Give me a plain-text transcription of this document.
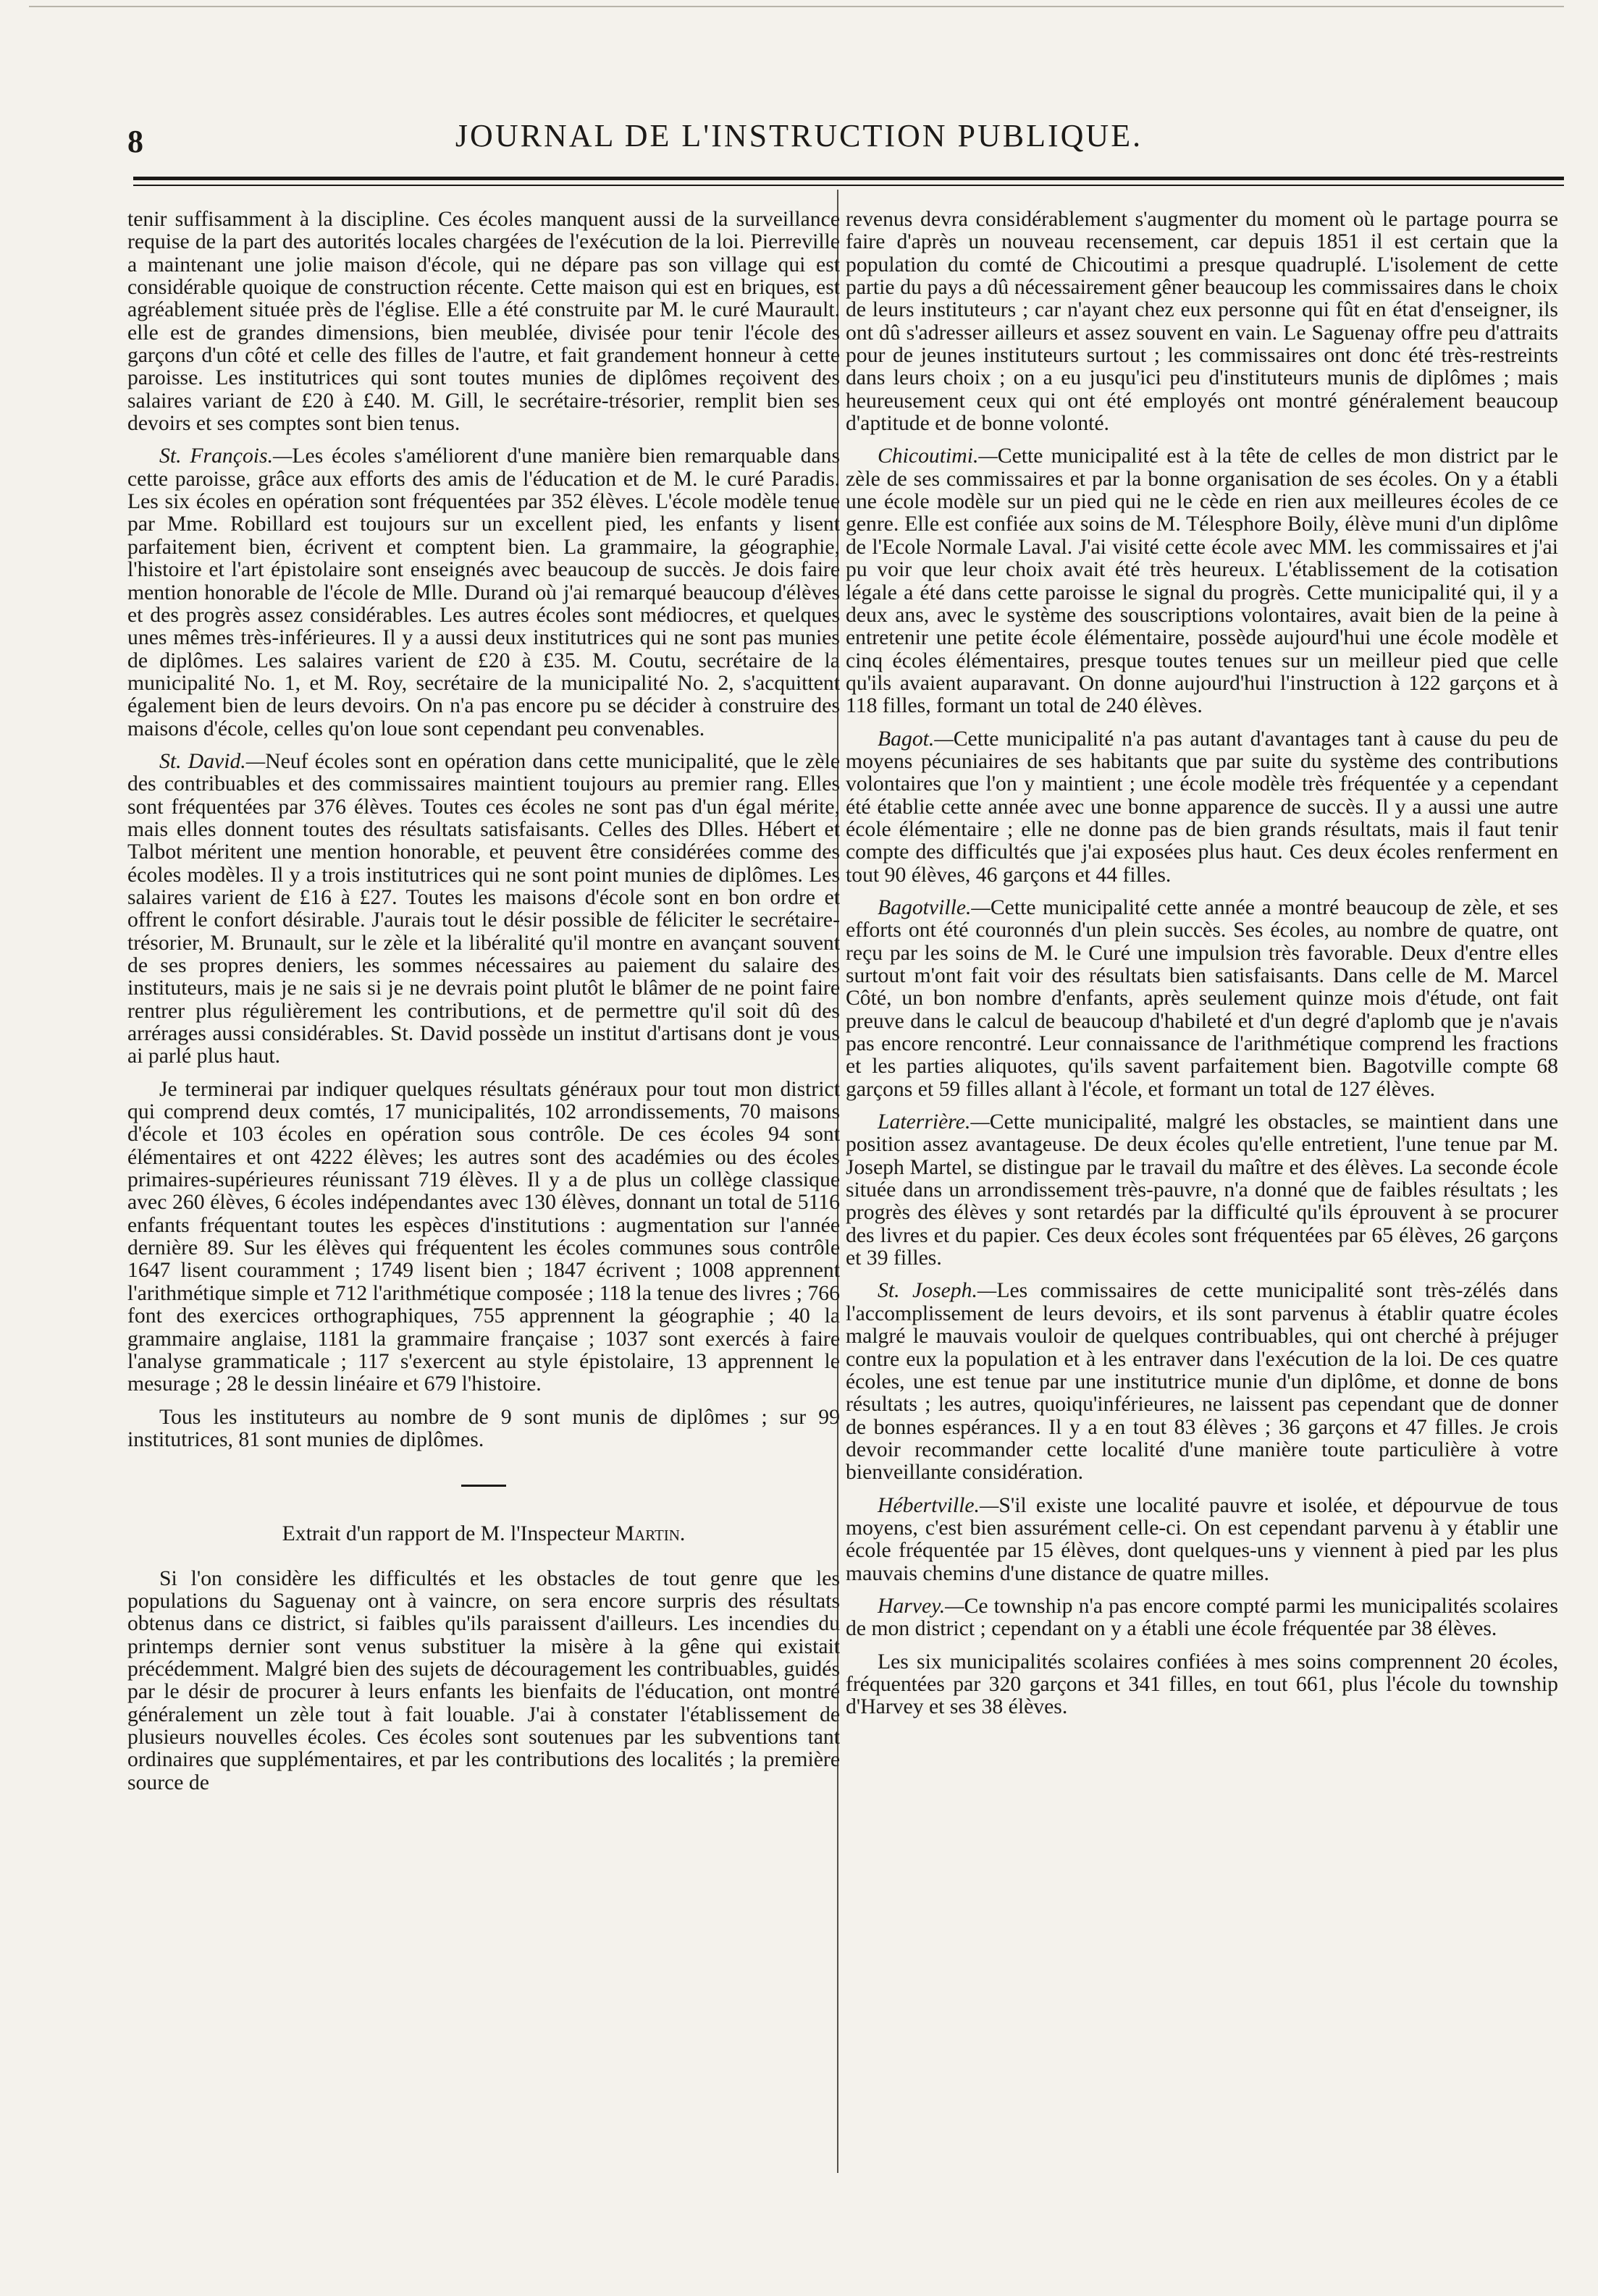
8	JOURNAL DE L'INSTRUCTION PUBLIQUE.

tenir suffisamment à la discipline. Ces écoles manquent aussi de la surveillance requise de la part des autorités locales chargées de l'exécution de la loi. Pierreville a maintenant une jolie maison d'école, qui ne dépare pas son village qui est considérable quoique de construction récente. Cette maison qui est en briques, est agréablement située près de l'église. Elle a été construite par M. le curé Maurault. elle est de grandes dimensions, bien meublée, divisée pour tenir l'école des garçons d'un côté et celle des filles de l'autre, et fait grandement honneur à cette paroisse. Les institutrices qui sont toutes munies de diplômes reçoivent des salaires variant de £20 à £40. M. Gill, le secrétaire-trésorier, remplit bien ses devoirs et ses comptes sont bien tenus.

St. François.—Les écoles s'améliorent d'une manière bien remarquable dans cette paroisse, grâce aux efforts des amis de l'éducation et de M. le curé Paradis. Les six écoles en opération sont fréquentées par 352 élèves. L'école modèle tenue par Mme. Robillard est toujours sur un excellent pied, les enfants y lisent parfaitement bien, écrivent et comptent bien. La grammaire, la géographie, l'histoire et l'art épistolaire sont enseignés avec beaucoup de succès. Je dois faire mention honorable de l'école de Mlle. Durand où j'ai remarqué beaucoup d'élèves et des progrès assez considérables. Les autres écoles sont médiocres, et quelques unes mêmes très-inférieures. Il y a aussi deux institutrices qui ne sont pas munies de diplômes. Les salaires varient de £20 à £35. M. Coutu, secrétaire de la municipalité No. 1, et M. Roy, secrétaire de la municipalité No. 2, s'acquittent également bien de leurs devoirs. On n'a pas encore pu se décider à construire des maisons d'école, celles qu'on loue sont cependant peu convenables.

St. David.—Neuf écoles sont en opération dans cette municipalité, que le zèle des contribuables et des commissaires maintient toujours au premier rang. Elles sont fréquentées par 376 élèves. Toutes ces écoles ne sont pas d'un égal mérite, mais elles donnent toutes des résultats satisfaisants. Celles des Dlles. Hébert et Talbot méritent une mention honorable, et peuvent être considérées comme des écoles modèles. Il y a trois institutrices qui ne sont point munies de diplômes. Les salaires varient de £16 à £27. Toutes les maisons d'école sont en bon ordre et offrent le confort désirable. J'aurais tout le désir possible de féliciter le secrétaire-trésorier, M. Brunault, sur le zèle et la libéralité qu'il montre en avançant souvent de ses propres deniers, les sommes nécessaires au paiement du salaire des instituteurs, mais je ne sais si je ne devrais point plutôt le blâmer de ne point faire rentrer plus régulièrement les contributions, et de permettre qu'il soit dû des arrérages aussi considérables. St. David possède un institut d'artisans dont je vous ai parlé plus haut.

Je terminerai par indiquer quelques résultats généraux pour tout mon district qui comprend deux comtés, 17 municipalités, 102 arrondissements, 70 maisons d'école et 103 écoles en opération sous contrôle. De ces écoles 94 sont élémentaires et ont 4222 élèves; les autres sont des académies ou des écoles primaires-supérieures réunissant 719 élèves. Il y a de plus un collège classique avec 260 élèves, 6 écoles indépendantes avec 130 élèves, donnant un total de 5116 enfants fréquentant toutes les espèces d'institutions : augmentation sur l'année dernière 89. Sur les élèves qui fréquentent les écoles communes sous contrôle 1647 lisent couramment ; 1749 lisent bien ; 1847 écrivent ; 1008 apprennent l'arithmétique simple et 712 l'arithmétique composée ; 118 la tenue des livres ; 766 font des exercices orthographiques, 755 apprennent la géographie ; 40 la grammaire anglaise, 1181 la grammaire française ; 1037 sont exercés à faire l'analyse grammaticale ; 117 s'exercent au style épistolaire, 13 apprennent le mesurage ; 28 le dessin linéaire et 679 l'histoire.

Tous les instituteurs au nombre de 9 sont munis de diplômes ; sur 99 institutrices, 81 sont munies de diplômes.

Extrait d'un rapport de M. l'Inspecteur Martin.

Si l'on considère les difficultés et les obstacles de tout genre que les populations du Saguenay ont à vaincre, on sera encore surpris des résultats obtenus dans ce district, si faibles qu'ils paraissent d'ailleurs. Les incendies du printemps dernier sont venus substituer la misère à la gêne qui existait précédemment. Malgré bien des sujets de découragement les contribuables, guidés par le désir de procurer à leurs enfants les bienfaits de l'éducation, ont montré généralement un zèle tout à fait louable. J'ai à constater l'établissement de plusieurs nouvelles écoles. Ces écoles sont soutenues par les subventions tant ordinaires que supplémentaires, et par les contributions des localités ; la première source de

revenus devra considérablement s'augmenter du moment où le partage pourra se faire d'après un nouveau recensement, car depuis 1851 il est certain que la population du comté de Chicoutimi a presque quadruplé. L'isolement de cette partie du pays a dû nécessairement gêner beaucoup les commissaires dans le choix de leurs instituteurs ; car n'ayant chez eux personne qui fût en état d'enseigner, ils ont dû s'adresser ailleurs et assez souvent en vain. Le Saguenay offre peu d'attraits pour de jeunes instituteurs surtout ; les commissaires ont donc été très-restreints dans leurs choix ; on a eu jusqu'ici peu d'instituteurs munis de diplômes ; mais heureusement ceux qui ont été employés ont montré généralement beaucoup d'aptitude et de bonne volonté.

Chicoutimi.—Cette municipalité est à la tête de celles de mon district par le zèle de ses commissaires et par la bonne organisation de ses écoles. On y a établi une école modèle sur un pied qui ne le cède en rien aux meilleures écoles de ce genre. Elle est confiée aux soins de M. Télesphore Boily, élève muni d'un diplôme de l'Ecole Normale Laval. J'ai visité cette école avec MM. les commissaires et j'ai pu voir que leur choix avait été très heureux. L'établissement de la cotisation légale a été dans cette paroisse le signal du progrès. Cette municipalité qui, il y a deux ans, avec le système des souscriptions volontaires, avait bien de la peine à entretenir une petite école élémentaire, possède aujourd'hui une école modèle et cinq écoles élémentaires, presque toutes tenues sur un meilleur pied que celle qu'ils avaient auparavant. On donne aujourd'hui l'instruction à 122 garçons et à 118 filles, formant un total de 240 élèves.

Bagot.—Cette municipalité n'a pas autant d'avantages tant à cause du peu de moyens pécuniaires de ses habitants que par suite du système des contributions volontaires que l'on y maintient ; une école modèle très fréquentée y a cependant été établie cette année avec une bonne apparence de succès. Il y a aussi une autre école élémentaire ; elle ne donne pas de bien grands résultats, mais il faut tenir compte des difficultés que j'ai exposées plus haut. Ces deux écoles renferment en tout 90 élèves, 46 garçons et 44 filles.

Bagotville.—Cette municipalité cette année a montré beaucoup de zèle, et ses efforts ont été couronnés d'un plein succès. Ses écoles, au nombre de quatre, ont reçu par les soins de M. le Curé une impulsion très favorable. Deux d'entre elles surtout m'ont fait voir des résultats bien satisfaisants. Dans celle de M. Marcel Côté, un bon nombre d'enfants, après seulement quinze mois d'étude, ont fait preuve dans le calcul de beaucoup d'habileté et d'un degré d'aplomb que je n'avais pas encore rencontré. Leur connaissance de l'arithmétique comprend les fractions et les parties aliquotes, qu'ils savent parfaitement bien. Bagotville compte 68 garçons et 59 filles allant à l'école, et formant un total de 127 élèves.

Laterrière.—Cette municipalité, malgré les obstacles, se maintient dans une position assez avantageuse. De deux écoles qu'elle entretient, l'une tenue par M. Joseph Martel, se distingue par le travail du maître et des élèves. La seconde école située dans un arrondissement très-pauvre, n'a donné que de faibles résultats ; les progrès des élèves y sont retardés par la difficulté qu'ils éprouvent à se procurer des livres et du papier. Ces deux écoles sont fréquentées par 65 élèves, 26 garçons et 39 filles.

St. Joseph.—Les commissaires de cette municipalité sont très-zélés dans l'accomplissement de leurs devoirs, et ils sont parvenus à établir quatre écoles malgré le mauvais vouloir de quelques contribuables, qui ont cherché à préjuger contre eux la population et à les entraver dans l'exécution de la loi. De ces quatre écoles, une est tenue par une institutrice munie d'un diplôme, et donne de bons résultats ; les autres, quoiqu'inférieures, ne laissent pas cependant que de donner de bonnes espérances. Il y a en tout 83 élèves ; 36 garçons et 47 filles. Je crois devoir recommander cette localité d'une manière toute particulière à votre bienveillante considération.

Hébertville.—S'il existe une localité pauvre et isolée, et dépourvue de tous moyens, c'est bien assurément celle-ci. On est cependant parvenu à y établir une école fréquentée par 15 élèves, dont quelques-uns y viennent à pied par les plus mauvais chemins d'une distance de quatre milles.

Harvey.—Ce township n'a pas encore compté parmi les municipalités scolaires de mon district ; cependant on y a établi une école fréquentée par 38 élèves.

Les six municipalités scolaires confiées à mes soins comprennent 20 écoles, fréquentées par 320 garçons et 341 filles, en tout 661, plus l'école du township d'Harvey et ses 38 élèves.
